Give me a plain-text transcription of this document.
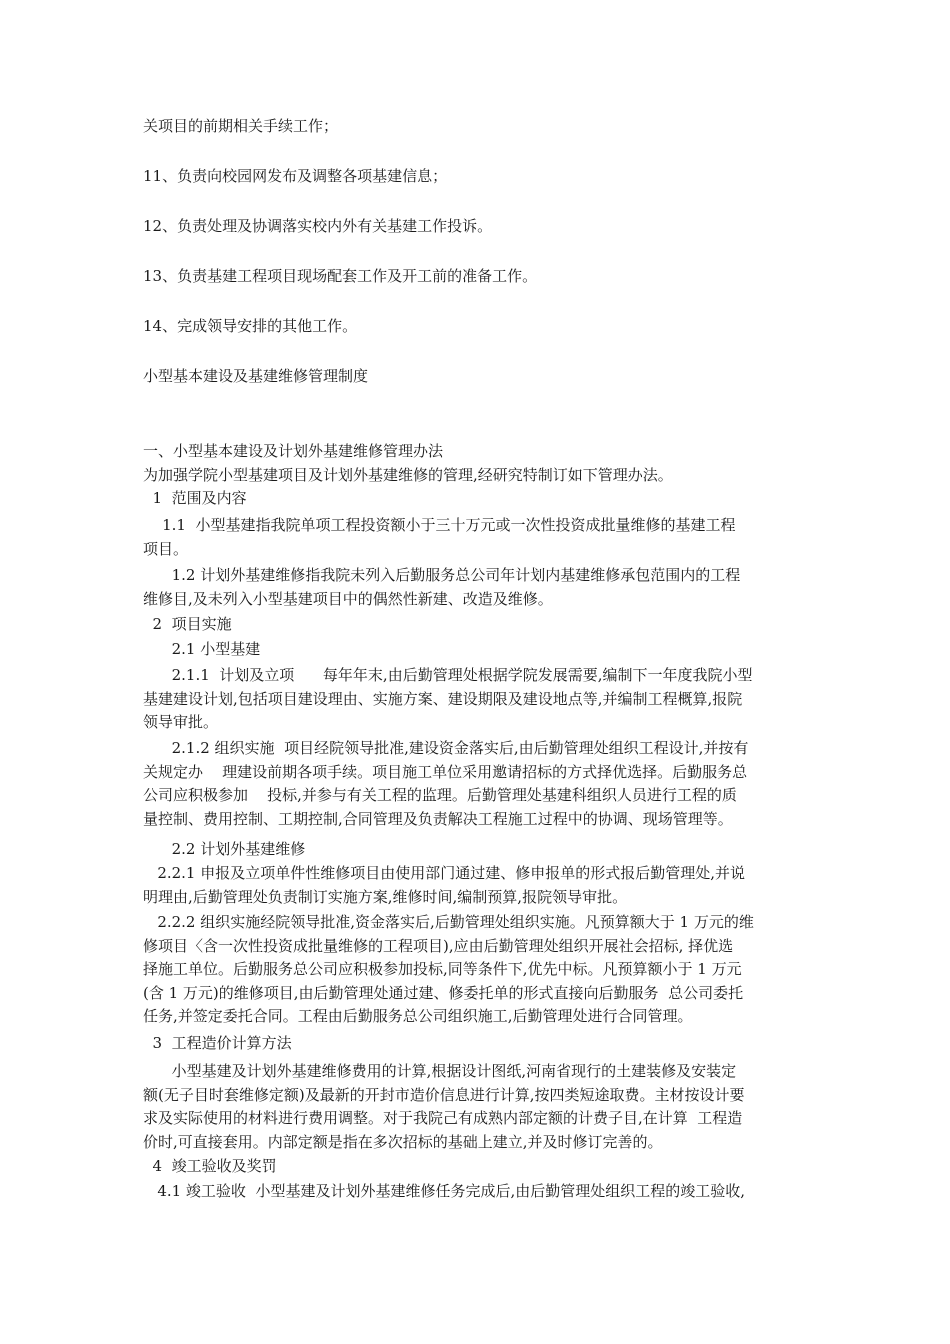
关项目的前期相关手续工作；

11、负责向校园网发布及调整各项基建信息；

12、负责处理及协调落实校内外有关基建工作投诉。

13、负责基建工程项目现场配套工作及开工前的准备工作。

14、完成领导安排的其他工作。

小型基本建设及基建维修管理制度

一、小型基本建设及计划外基建维修管理办法

为加强学院小型基建项目及计划外基建维修的管理,经研究特制订如下管理办法。

1  范围及内容

1.1  小型基建指我院单项工程投资额小于三十万元或一次性投资成批量维修的基建工程

项目。

1.2 计划外基建维修指我院未列入后勤服务总公司年计划内基建维修承包范围内的工程

维修目,及未列入小型基建项目中的偶然性新建、改造及维修。

2  项目实施

2.1 小型基建

2.1.1  计划及立项      每年年末,由后勤管理处根据学院发展需要,编制下一年度我院小型

基建建设计划,包括项目建设理由、实施方案、建设期限及建设地点等,并编制工程概算,报院

领导审批。

2.1.2 组织实施  项目经院领导批准,建设资金落实后,由后勤管理处组织工程设计,并按有

关规定办    理建设前期各项手续。项目施工单位采用邀请招标的方式择优选择。后勤服务总

公司应积极参加    投标,并参与有关工程的监理。后勤管理处基建科组织人员进行工程的质

量控制、费用控制、工期控制,合同管理及负责解决工程施工过程中的协调、现场管理等。

2.2 计划外基建维修

2.2.1 申报及立项单件性维修项目由使用部门通过建、修申报单的形式报后勤管理处,并说

明理由,后勤管理处负责制订实施方案,维修时间,编制预算,报院领导审批。

2.2.2 组织实施经院领导批准,资金落实后,后勤管理处组织实施。凡预算额大于 1 万元的维

修项目〈含一次性投资成批量维修的工程项目),应由后勤管理处组织开展社会招标, 择优选

择施工单位。后勤服务总公司应积极参加投标,同等条件下,优先中标。凡预算额小于 1 万元

(含 1 万元)的维修项目,由后勤管理处通过建、修委托单的形式直接向后勤服务  总公司委托

任务,并签定委托合同。工程由后勤服务总公司组织施工,后勤管理处进行合同管理。

3  工程造价计算方法

小型基建及计划外基建维修费用的计算,根据设计图纸,河南省现行的土建装修及安装定

额(无子目时套维修定额)及最新的开封市造价信息进行计算,按四类短途取费。主材按设计要

求及实际使用的材料进行费用调整。对于我院己有成熟内部定额的计费子目,在计算  工程造

价时,可直接套用。内部定额是指在多次招标的基础上建立,并及时修订完善的。

4  竣工验收及奖罚

4.1 竣工验收  小型基建及计划外基建维修任务完成后,由后勤管理处组织工程的竣工验收,
